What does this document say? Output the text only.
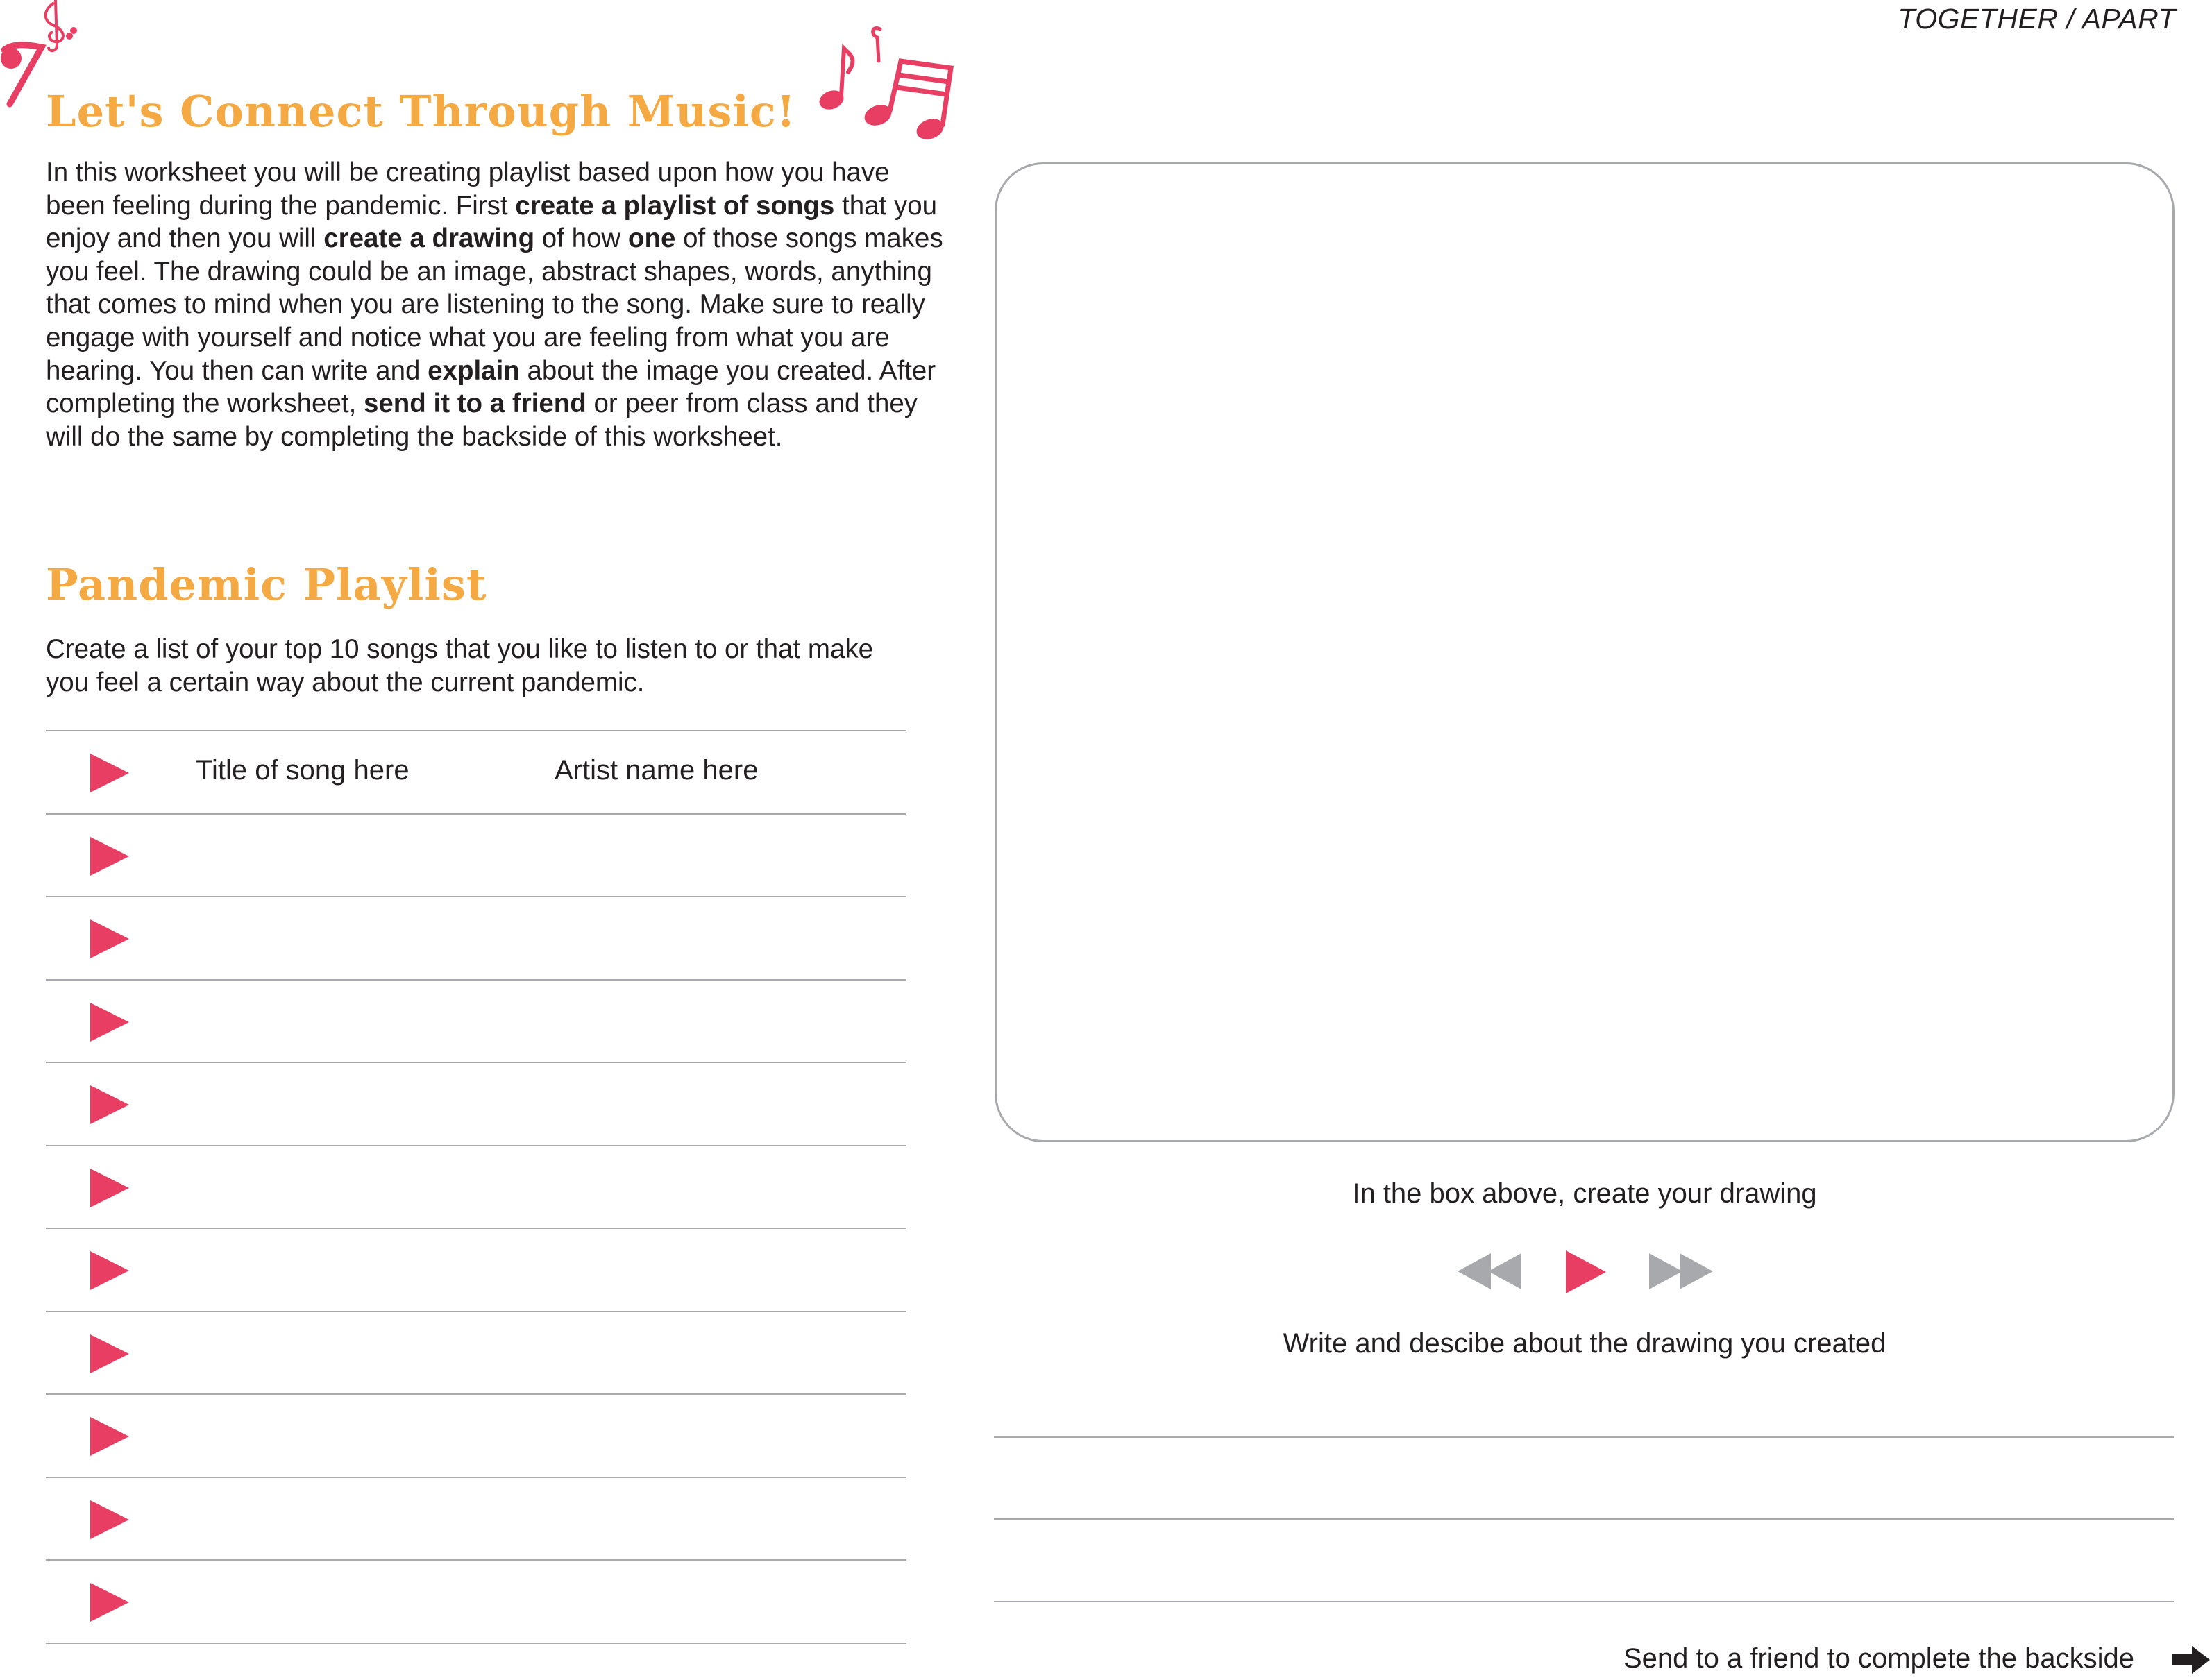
TOGETHER / APART
Let's Connect Through Music!
In this worksheet you will be creating playlist based upon how you have been feeling during the pandemic. First create a playlist of songs that you enjoy and then you will create a drawing of how one of those songs makes you feel. The drawing could be an image, abstract shapes, words, anything that comes to mind when you are listening to the song. Make sure to really engage with yourself and notice what you are feeling from what you are hearing. You then can write and explain about the image you created. After completing the worksheet, send it to a friend or peer from class and they will do the same by completing the backside of this worksheet.
Pandemic Playlist
Create a list of your top 10 songs that you like to listen to or that make you feel a certain way about the current pandemic.
Title of song here	Artist name here
In the box above, create your drawing
Write and descibe about the drawing you created
Send to a friend to complete the backside
